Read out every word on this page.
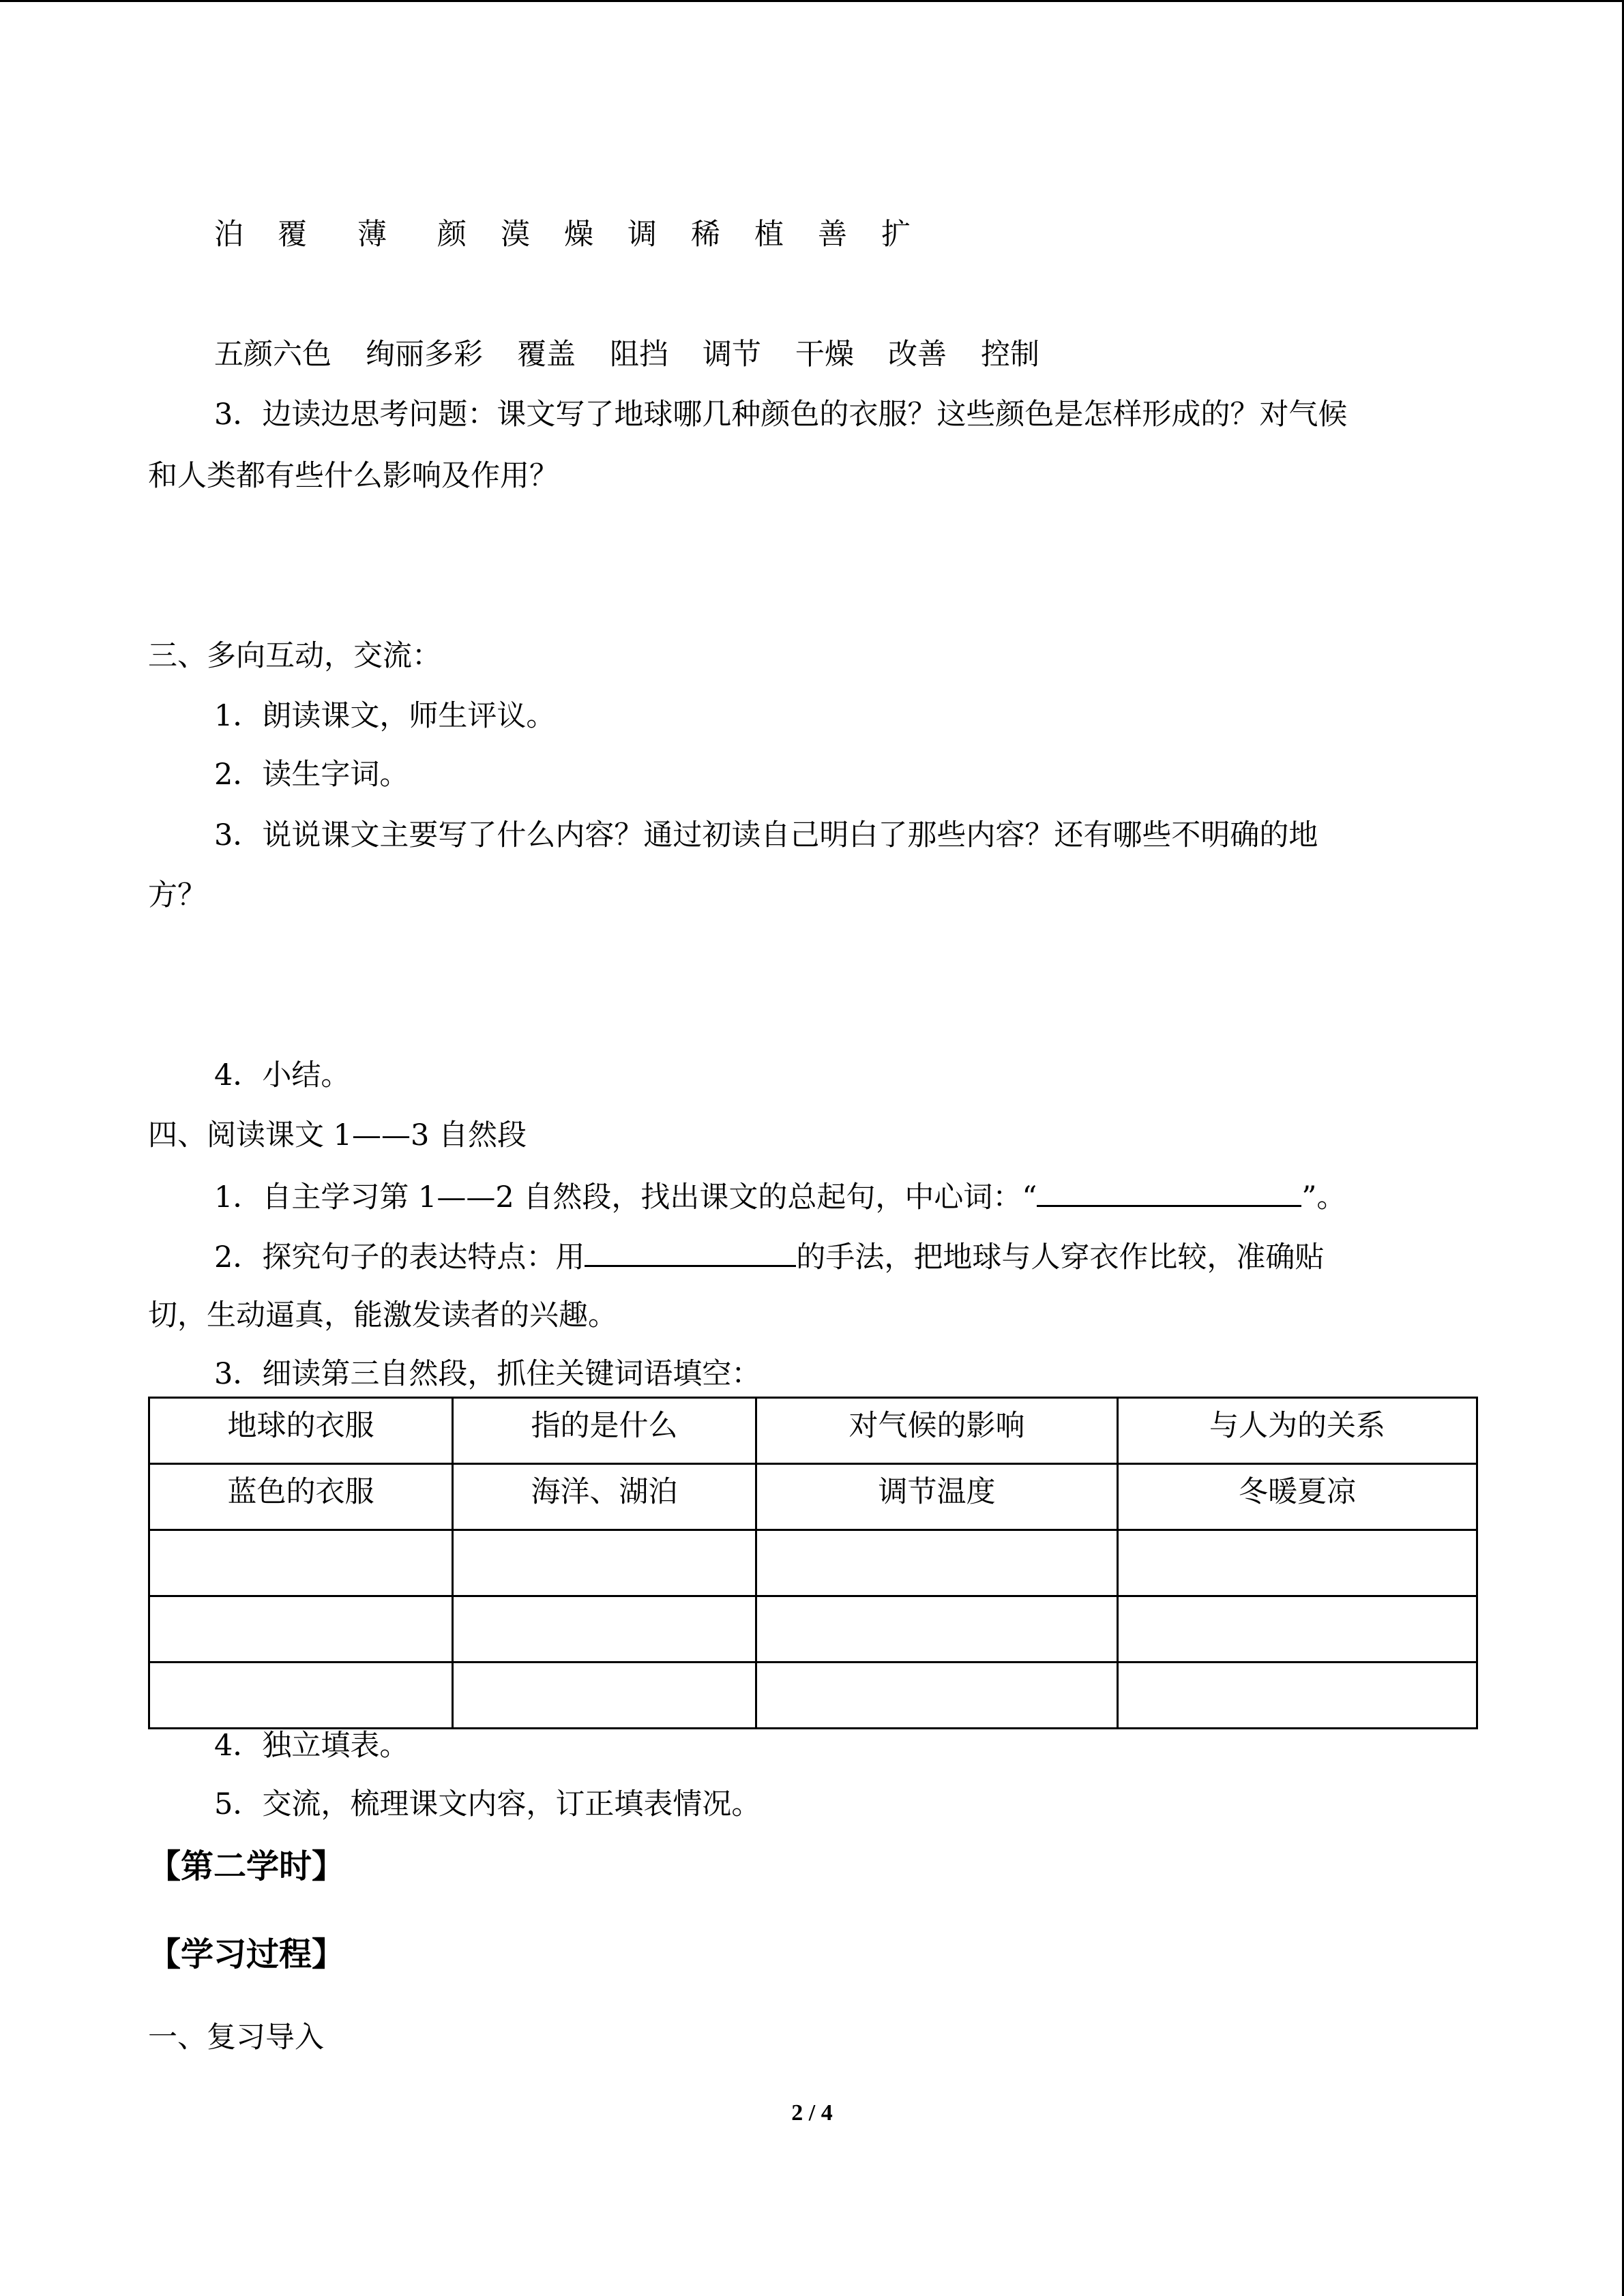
泊 覆 薄 颜 漠 燥 调 稀 植 善 扩
五颜六色 绚丽多彩 覆盖 阻挡 调节 干燥 改善 控制
3．边读边思考问题：课文写了地球哪几种颜色的衣服？这些颜色是怎样形成的？对气候
和人类都有些什么影响及作用？
三、多向互动，交流：
1．朗读课文，师生评议。
2．读生字词。
3．说说课文主要写了什么内容？通过初读自己明白了那些内容？还有哪些不明确的地
方？
4．小结。
四、阅读课文 1——3 自然段
1．自主学习第 1——2 自然段，找出课文的总起句，中心词：“	”。
2．探究句子的表达特点：用	的手法，把地球与人穿衣作比较，准确贴
切，生动逼真，能激发读者的兴趣。
3．细读第三自然段，抓住关键词语填空：
地球的衣服	指的是什么	对气候的影响	与人为的关系
蓝色的衣服	海洋、湖泊	调节温度	冬暖夏凉

4．独立填表。
5．交流，梳理课文内容，订正填表情况。
【第二学时】
【学习过程】
一、复习导入
2 / 4
